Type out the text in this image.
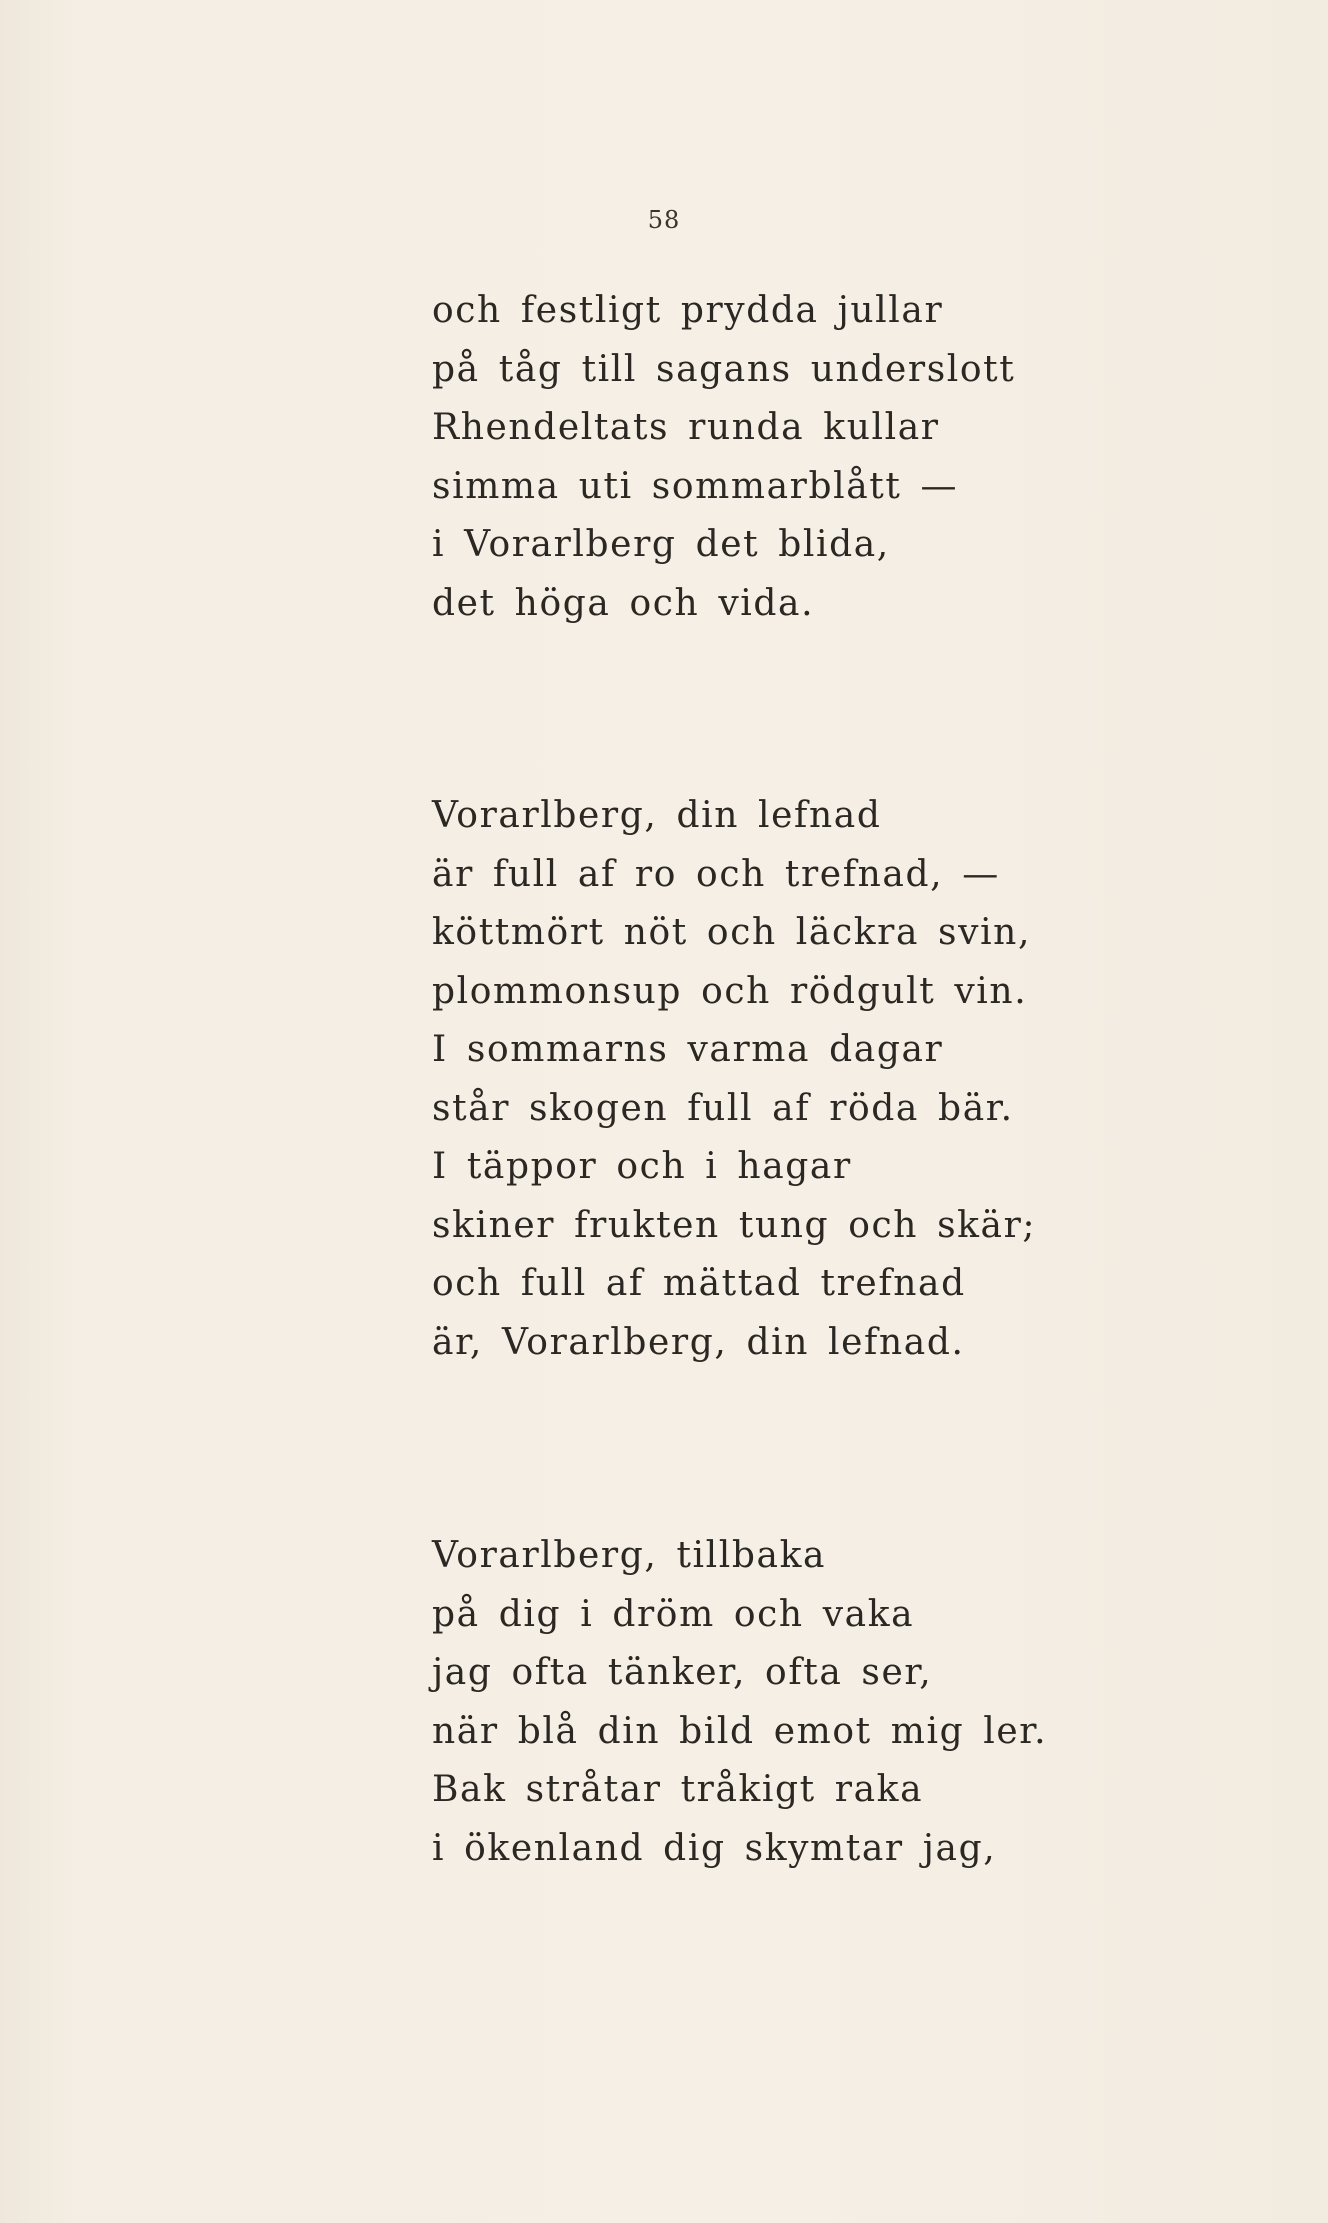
58
och festligt prydda jullar
på tåg till sagans underslott
Rhendeltats runda kullar
simma uti sommarblått —
i Vorarlberg det blida,
det höga och vida.
Vorarlberg, din lefnad
är full af ro och trefnad, —
köttmört nöt och läckra svin,
plommonsup och rödgult vin.
I sommarns varma dagar
står skogen full af röda bär.
I täppor och i hagar
skiner frukten tung och skär;
och full af mättad trefnad
är, Vorarlberg, din lefnad.
Vorarlberg, tillbaka
på dig i dröm och vaka
jag ofta tänker, ofta ser,
när blå din bild emot mig ler.
Bak stråtar tråkigt raka
i ökenland dig skymtar jag,
